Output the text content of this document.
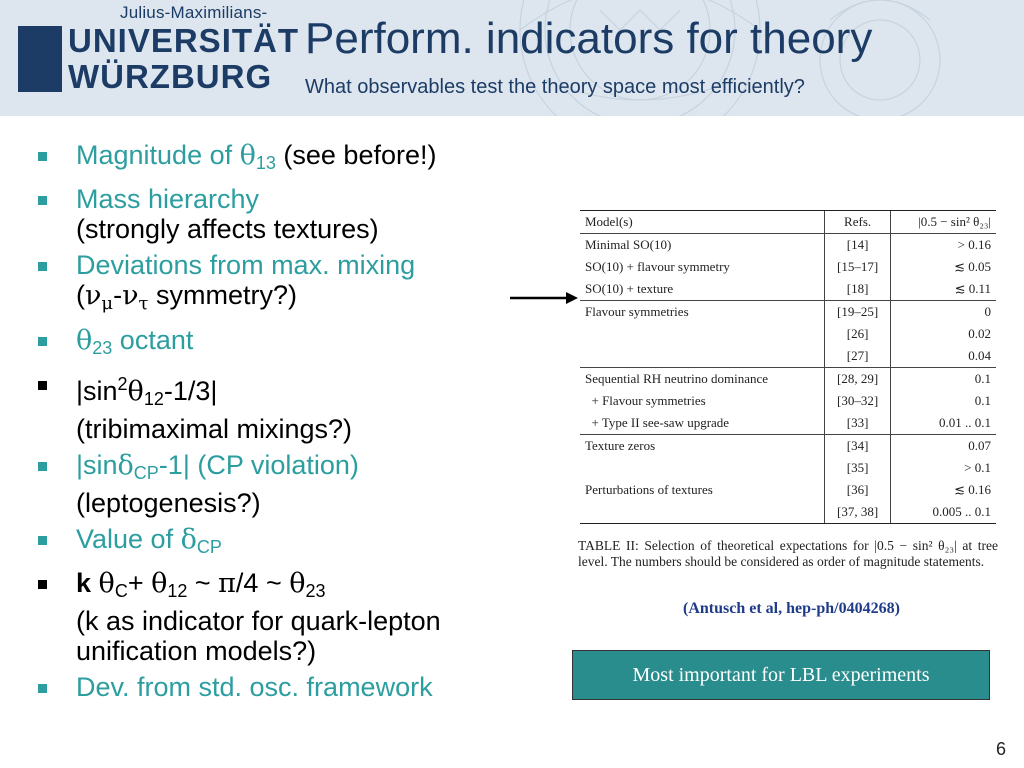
Julius-Maximilians-
UNIVERSITÄT
WÜRZBURG
Perform. indicators for theory
What observables test the theory space most efficiently?
Magnitude of $\theta_{13}$ (see before!)
Mass hierarchy
(strongly affects textures)
Deviations from max. mixing
($\nu_\mu-\nu_\tau$ symmetry?)
$\theta_{23}$ octant
$|\sin^2\theta_{12}-1/3|$
(tribimaximal mixings?)
|sinδ$_{CP}$-1| (CP violation)
(leptogenesis?)
Value of $\delta_{CP}$
k $\theta_C+ \theta_{12}$ ~ π/4 ~ $\theta_{23}$
(k as indicator for quark-lepton
unification models?)
Dev. from std. osc. framework
Model(s)	Refs.	|0.5 − sin² θ₂₃|
Minimal SO(10)	[14]	> 0.16
SO(10) + flavour symmetry	[15–17]	≲ 0.05
SO(10) + texture	[18]	≲ 0.11
Flavour symmetries	[19–25]	0
	[26]	0.02
	[27]	0.04
Sequential RH neutrino dominance	[28, 29]	0.1
+ Flavour symmetries	[30–32]	0.1
+ Type II see-saw upgrade	[33]	0.01 .. 0.1
Texture zeros	[34]	0.07
	[35]	> 0.1
Perturbations of textures	[36]	≲ 0.16
	[37, 38]	0.005 .. 0.1
TABLE II: Selection of theoretical expectations for |0.5 − sin² θ₂₃| at tree level. The numbers should be considered as order of magnitude statements.
(Antusch et al, hep-ph/0404268)
Most important for LBL experiments
6
